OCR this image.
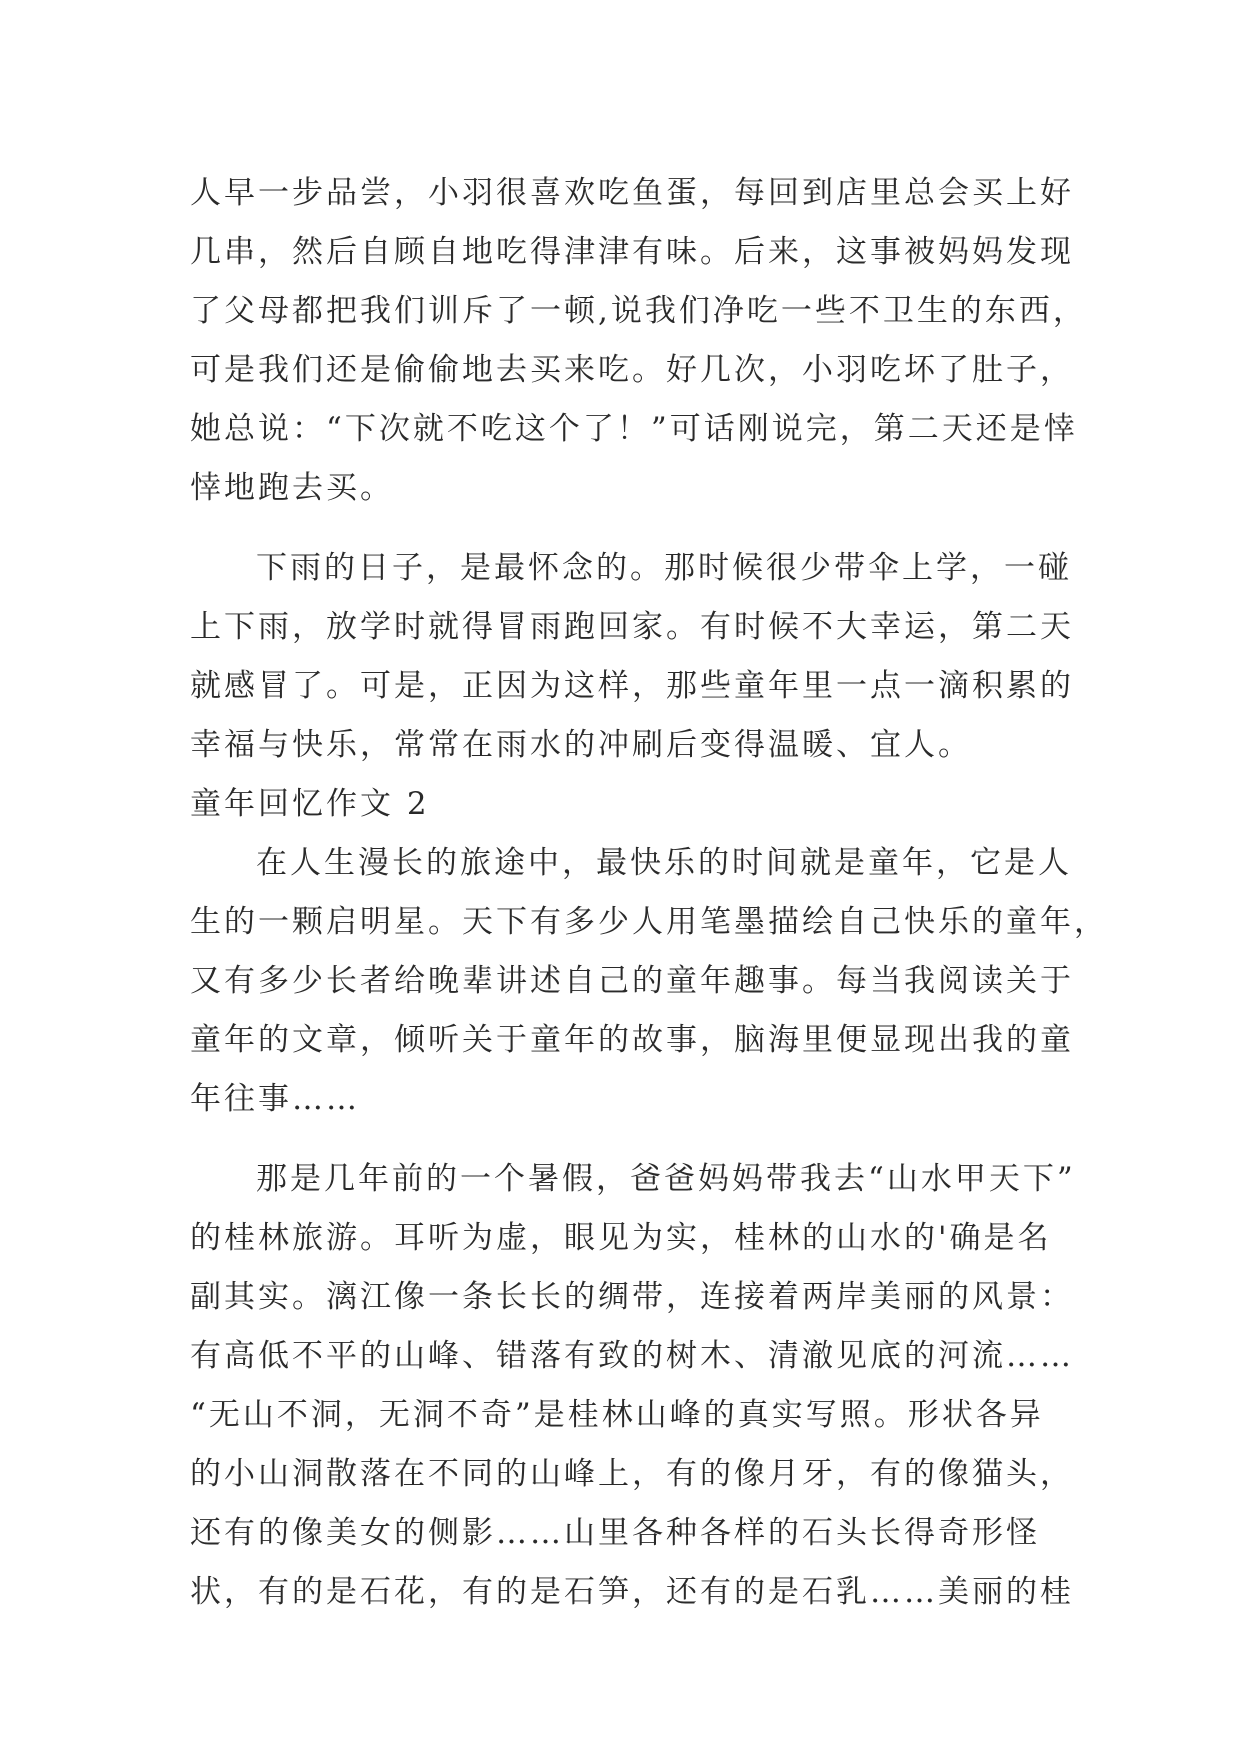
人早一步品尝，小羽很喜欢吃鱼蛋，每回到店里总会买上好
几串，然后自顾自地吃得津津有味。后来，这事被妈妈发现
了父母都把我们训斥了一顿,说我们净吃一些不卫生的东西，
可是我们还是偷偷地去买来吃。好几次，小羽吃坏了肚子，
她总说：“下次就不吃这个了！”可话刚说完，第二天还是悻
悻地跑去买。
下雨的日子，是最怀念的。那时候很少带伞上学，一碰
上下雨，放学时就得冒雨跑回家。有时候不大幸运，第二天
就感冒了。可是，正因为这样，那些童年里一点一滴积累的
幸福与快乐，常常在雨水的冲刷后变得温暖、宜人。
童年回忆作文 2
在人生漫长的旅途中，最快乐的时间就是童年，它是人
生的一颗启明星。天下有多少人用笔墨描绘自己快乐的童年，
又有多少长者给晚辈讲述自己的童年趣事。每当我阅读关于
童年的文章，倾听关于童年的故事，脑海里便显现出我的童
年往事……
那是几年前的一个暑假，爸爸妈妈带我去“山水甲天下”
的桂林旅游。耳听为虚，眼见为实，桂林的山水的'确是名
副其实。漓江像一条长长的绸带，连接着两岸美丽的风景：
有高低不平的山峰、错落有致的树木、清澈见底的河流……
“无山不洞，无洞不奇”是桂林山峰的真实写照。形状各异
的小山洞散落在不同的山峰上，有的像月牙，有的像猫头，
还有的像美女的侧影……山里各种各样的石头长得奇形怪
状，有的是石花，有的是石笋，还有的是石乳……美丽的桂
